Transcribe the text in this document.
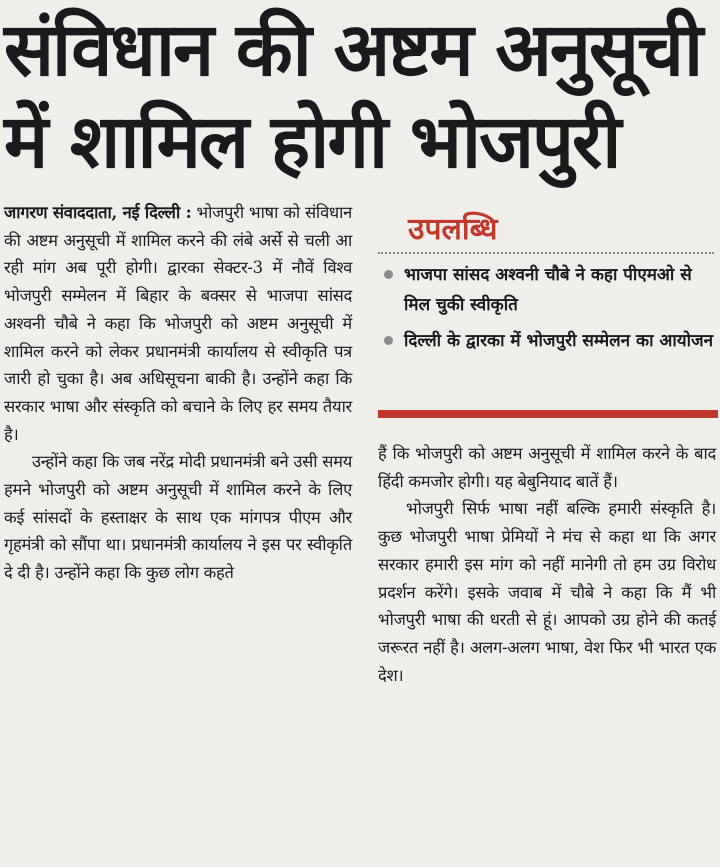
संविधान की अष्टम अनुसूची
में शामिल होगी भोजपुरी

जागरण संवाददाता, नई दिल्ली : भोजपुरी भाषा को संविधान की अष्टम अनुसूची में शामिल करने की लंबे अर्से से चली आ रही मांग अब पूरी होगी। द्वारका सेक्टर-3 में नौवें विश्व भोजपुरी सम्मेलन में बिहार के बक्सर से भाजपा सांसद अश्वनी चौबे ने कहा कि भोजपुरी को अष्टम अनुसूची में शामिल करने को लेकर प्रधानमंत्री कार्यालय से स्वीकृति पत्र जारी हो चुका है। अब अधिसूचना बाकी है। उन्होंने कहा कि सरकार भाषा और संस्कृति को बचाने के लिए हर समय तैयार है।

उन्होंने कहा कि जब नरेंद्र मोदी प्रधानमंत्री बने उसी समय हमने भोजपुरी को अष्टम अनुसूची में शामिल करने के लिए कई सांसदों के हस्ताक्षर के साथ एक मांगपत्र पीएम और गृहमंत्री को सौंपा था। प्रधानमंत्री कार्यालय ने इस पर स्वीकृति दे दी है। उन्होंने कहा कि कुछ लोग कहते

उपलब्धि
भाजपा सांसद अश्वनी चौबे ने कहा पीएमओ से मिल चुकी स्वीकृति
दिल्ली के द्वारका में भोजपुरी सम्मेलन का आयोजन

हैं कि भोजपुरी को अष्टम अनुसूची में शामिल करने के बाद हिंदी कमजोर होगी। यह बेबुनियाद बातें हैं।

भोजपुरी सिर्फ भाषा नहीं बल्कि हमारी संस्कृति है। कुछ भोजपुरी भाषा प्रेमियों ने मंच से कहा था कि अगर सरकार हमारी इस मांग को नहीं मानेगी तो हम उग्र विरोध प्रदर्शन करेंगे। इसके जवाब में चौबे ने कहा कि मैं भी भोजपुरी भाषा की धरती से हूं। आपको उग्र होने की कतई जरूरत नहीं है। अलग-अलग भाषा, वेश फिर भी भारत एक देश।
